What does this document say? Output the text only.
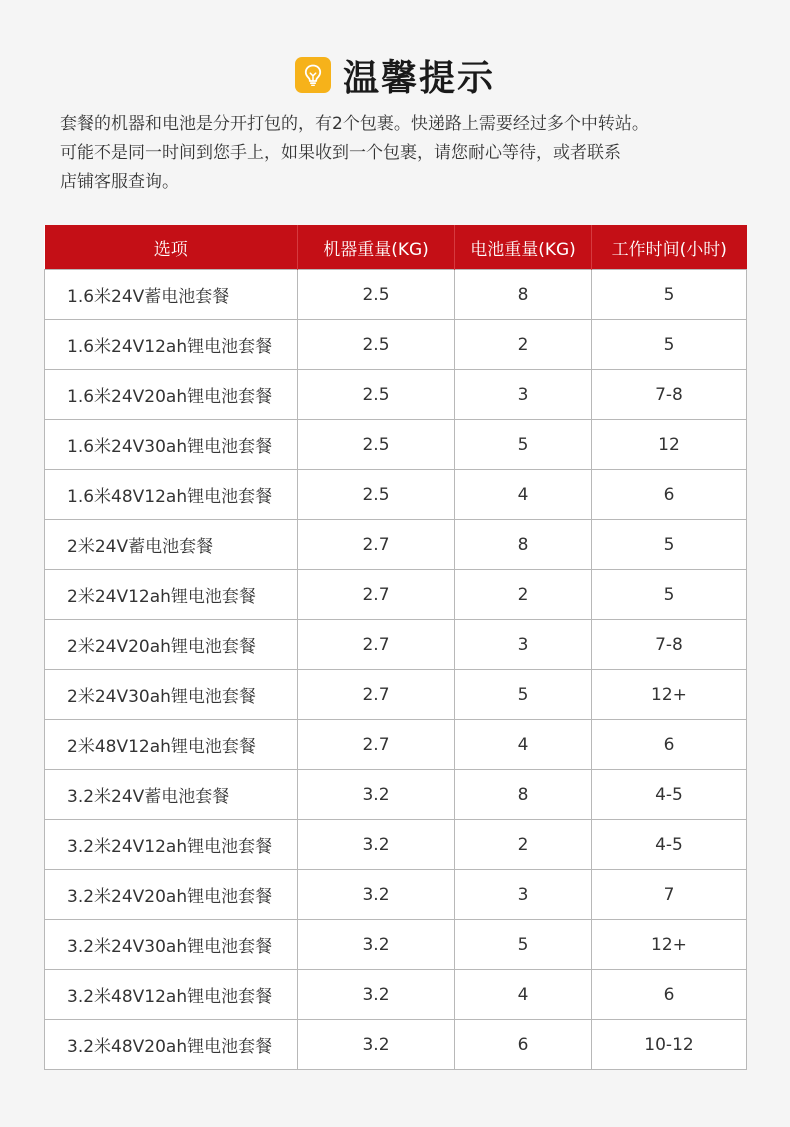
温馨提示

套餐的机器和电池是分开打包的，有2个包裹。快递路上需要经过多个中转站。

可能不是同一时间到您手上，如果收到一个包裹，请您耐心等待，或者联系

店铺客服查询。

选项	机器重量(KG)	电池重量(KG)	工作时间(小时)
1.6米24V蓄电池套餐	2.5	8	5
1.6米24V12ah锂电池套餐	2.5	2	5
1.6米24V20ah锂电池套餐	2.5	3	7-8
1.6米24V30ah锂电池套餐	2.5	5	12
1.6米48V12ah锂电池套餐	2.5	4	6
2米24V蓄电池套餐	2.7	8	5
2米24V12ah锂电池套餐	2.7	2	5
2米24V20ah锂电池套餐	2.7	3	7-8
2米24V30ah锂电池套餐	2.7	5	12+
2米48V12ah锂电池套餐	2.7	4	6
3.2米24V蓄电池套餐	3.2	8	4-5
3.2米24V12ah锂电池套餐	3.2	2	4-5
3.2米24V20ah锂电池套餐	3.2	3	7
3.2米24V30ah锂电池套餐	3.2	5	12+
3.2米48V12ah锂电池套餐	3.2	4	6
3.2米48V20ah锂电池套餐	3.2	6	10-12
